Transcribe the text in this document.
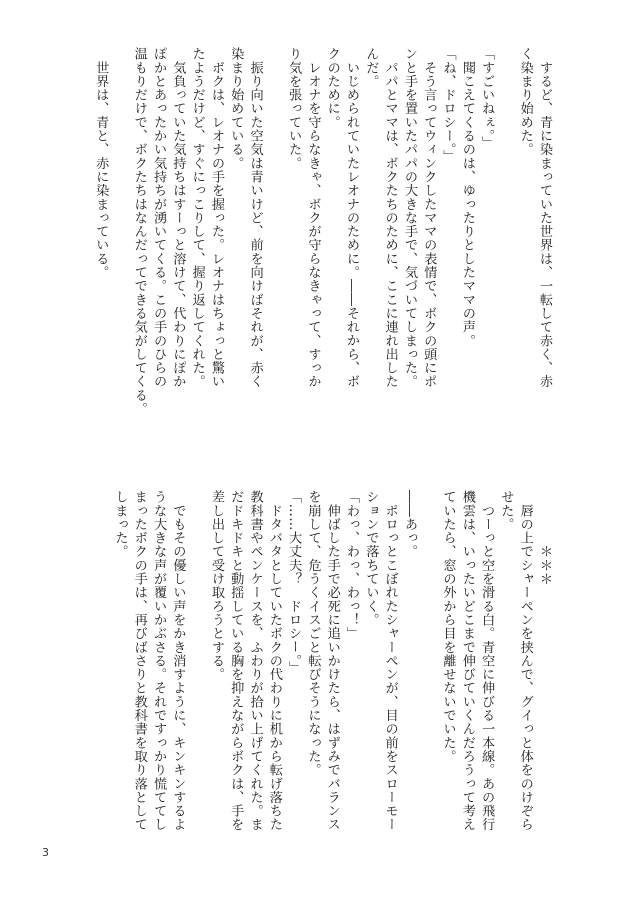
　するど、青に染まっていた世界は、一転して赤く、赤
く染まり始めた。
「すごいねぇ。」
　聞こえてくるのは、ゆったりとしたママの声。
「ね、ドロシー。」
　そう言ってウィンクしたママの表情で、ボクの頭にポ
ンと手を置いたパパの大きな手で、気づいてしまった。
　パパとママは、ボクたちのために、ここに連れ出した
んだ。
　いじめられていたレオナのために。――それから、ボ
クのために。
　レオナを守らなきゃ、ボクが守らなきゃって、すっか
り気を張っていた。
　振り向いた空気は青いけど、前を向けばそれが、赤く
染まり始めている。
　ボクは、レオナの手を握った。レオナはちょっと驚い
たようだけど、すぐにっこりして、握り返してくれた。
　気負っていた気持ちはすーっと溶けて、代わりにぽか
ぽかとあったかい気持ちが湧いてくる。この手のひらの
温もりだけで、ボクたちはなんだってできる気がしてくる。
　世界は、青と、赤に染まっている。
　　　　＊＊＊
　唇の上でシャーペンを挟んで、グイっと体をのけぞら
せた。
　つーっと空を滑る白。青空に伸びる一本線。あの飛行
機雲は、いったいどこまで伸びていくんだろうって考え
ていたら、窓の外から目を離せないでいた。
――あっ。
　ポロっとこぼれたシャーペンが、目の前をスローモー
ションで落ちていく。
「わっ、わっ、わっ！」
　伸ばした手で必死に追いかけたら、はずみでバランス
を崩して、危うくイスごと転びそうになった。
「……大丈夫？　ドロシー。」
　ドタバタとしていたボクの代わりに机から転げ落ちた
教科書やペンケースを、ふわりが拾い上げてくれた。ま
だドキドキと動揺している胸を抑えながらボクは、手を
差し出して受け取ろうとする。
　でもその優しい声をかき消すように、キンキンするよ
うな大きな声が覆いかぶさる。それですっかり慌ててし
まったボクの手は、再びばさりと教科書を取り落として
しまった。
3
